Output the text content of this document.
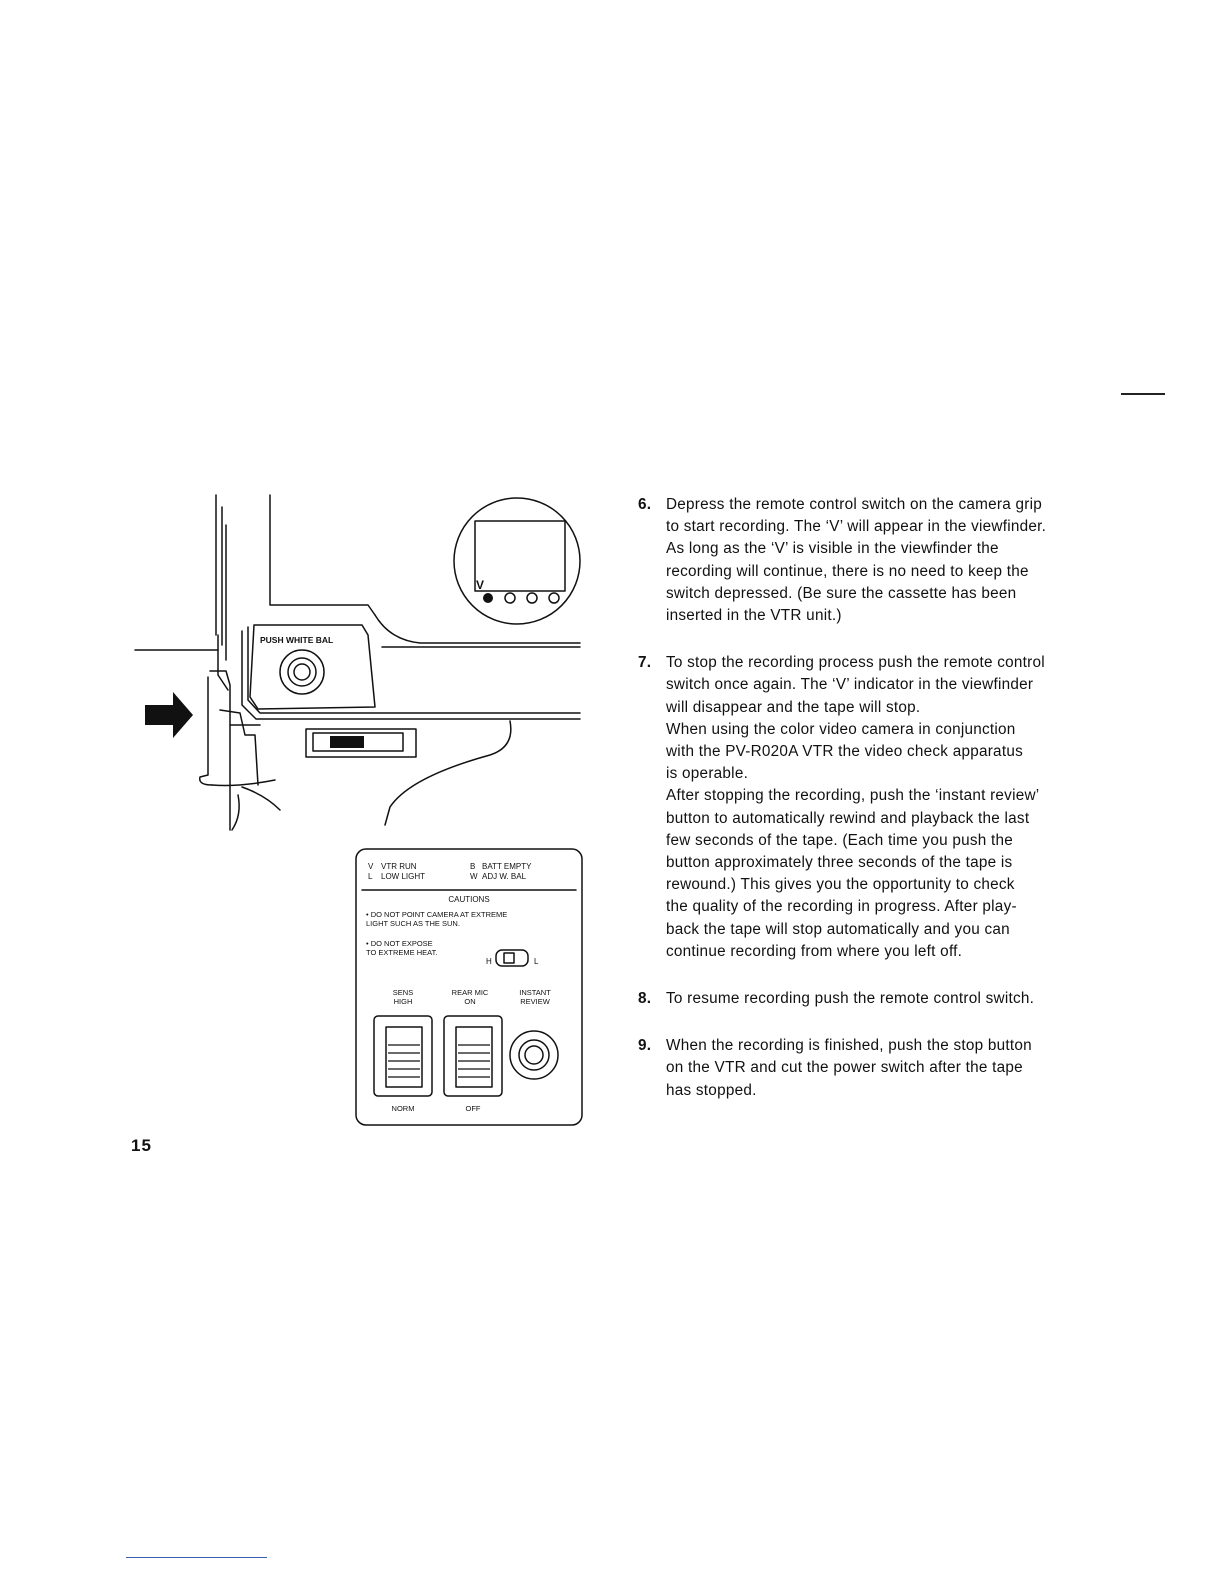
PUSH WHITE BAL
V
V VTR RUN	B BATT EMPTY
L LOW LIGHT	W ADJ W. BAL
CAUTIONS
• DO NOT POINT CAMERA AT EXTREME
LIGHT SUCH AS THE SUN.
• DO NOT EXPOSE
TO EXTREME HEAT.
H	L
SENS
HIGH
REAR MIC
ON
INSTANT
REVIEW
NORM	OFF
6. Depress the remote control switch on the camera grip
to start recording. The ‘V’ will appear in the viewfinder.
As long as the ‘V’ is visible in the viewfinder the
recording will continue, there is no need to keep the
switch depressed. (Be sure the cassette has been
inserted in the VTR unit.)

7. To stop the recording process push the remote control
switch once again. The ‘V’ indicator in the viewfinder
will disappear and the tape will stop.
When using the color video camera in conjunction
with the PV-R020A VTR the video check apparatus
is operable.
After stopping the recording, push the ‘instant review’
button to automatically rewind and playback the last
few seconds of the tape. (Each time you push the
button approximately three seconds of the tape is
rewound.) This gives you the opportunity to check
the quality of the recording in progress. After play-
back the tape will stop automatically and you can
continue recording from where you left off.

8. To resume recording push the remote control switch.

9. When the recording is finished, push the stop button
on the VTR and cut the power switch after the tape
has stopped.

15
